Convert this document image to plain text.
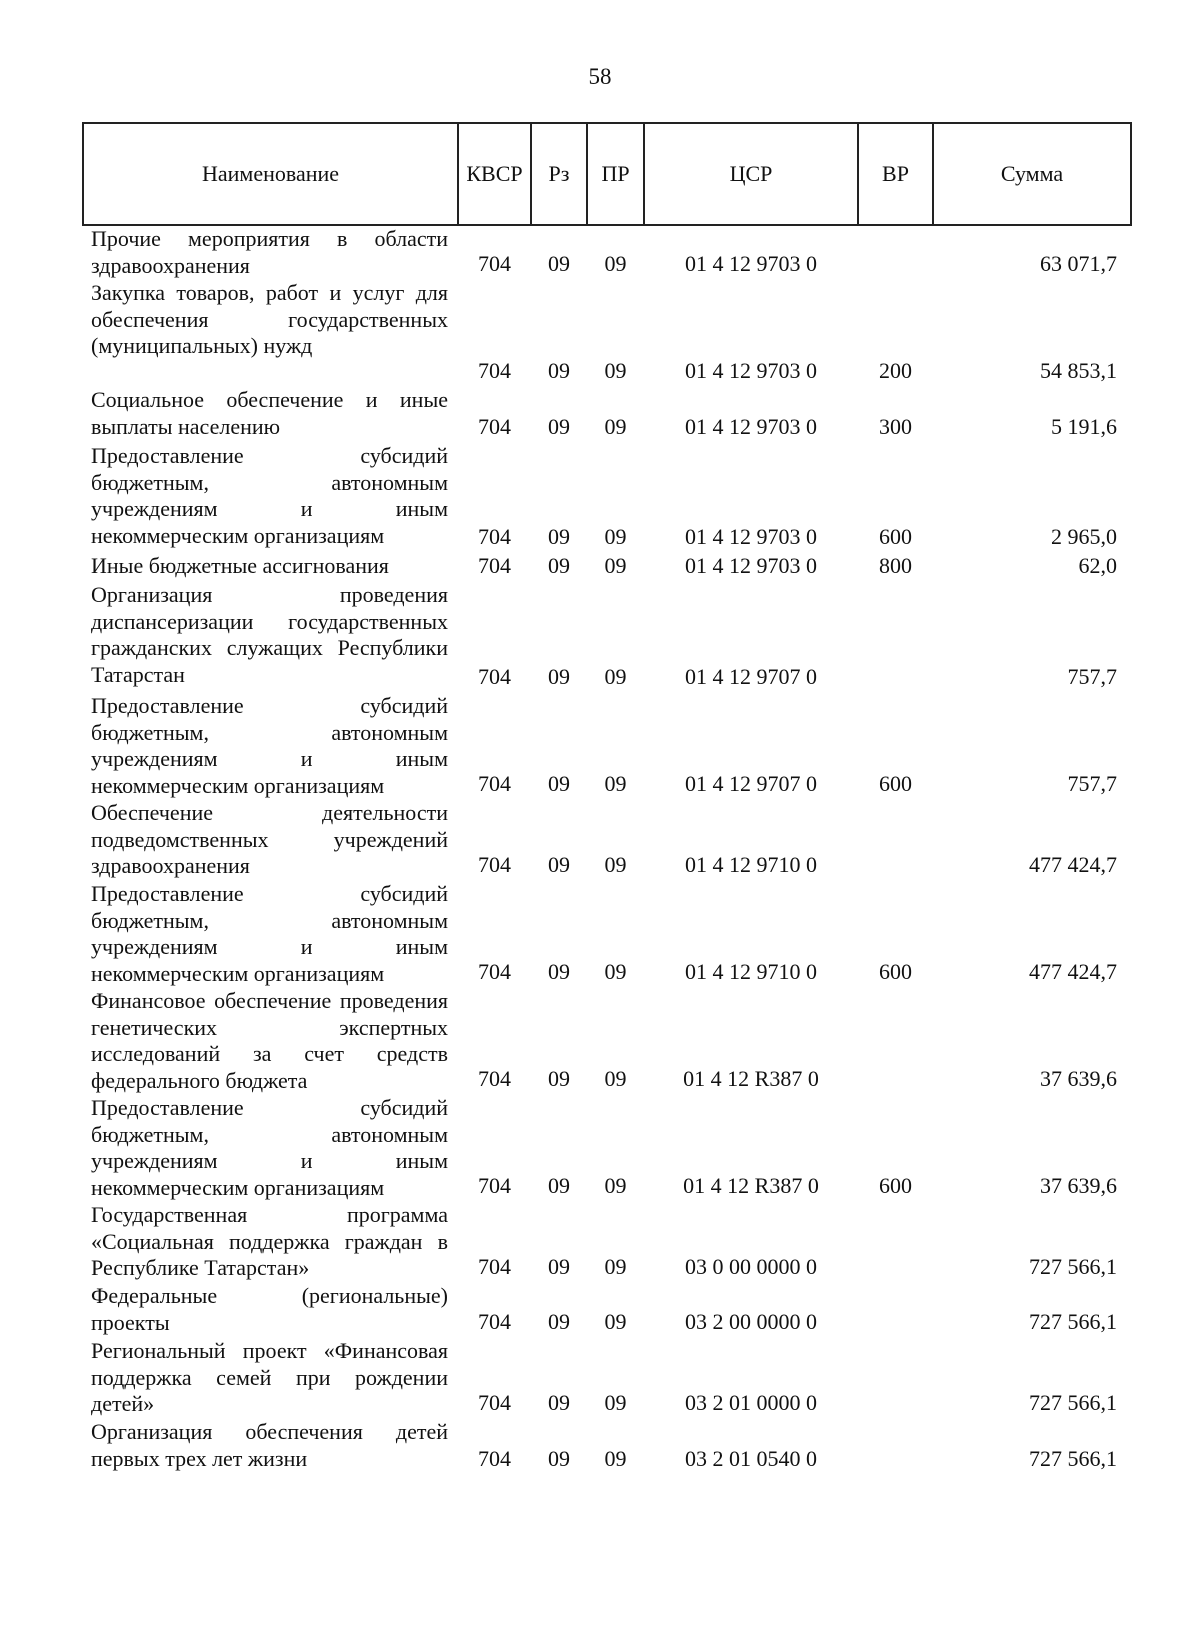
58
Наименование	КВСР	Рз	ПР	ЦСР	ВР	Сумма

Прочие мероприятия в области здравоохранения	704	09	09	01 4 12 9703 0		63 071,7

Закупка товаров, работ и услуг для обеспечения государственных (муниципальных) нужд	704	09	09	01 4 12 9703 0	200	54 853,1

Социальное обеспечение и иные выплаты населению	704	09	09	01 4 12 9703 0	300	5 191,6

Предоставление субсидий бюджетным, автономным учреждениям и иным некоммерческим организациям	704	09	09	01 4 12 9703 0	600	2 965,0

Иные бюджетные ассигнования	704	09	09	01 4 12 9703 0	800	62,0

Организация проведения диспансеризации государственных гражданских служащих Республики Татарстан	704	09	09	01 4 12 9707 0		757,7

Предоставление субсидий бюджетным, автономным учреждениям и иным некоммерческим организациям	704	09	09	01 4 12 9707 0	600	757,7

Обеспечение деятельности подведомственных учреждений здравоохранения	704	09	09	01 4 12 9710 0		477 424,7

Предоставление субсидий бюджетным, автономным учреждениям и иным некоммерческим организациям	704	09	09	01 4 12 9710 0	600	477 424,7

Финансовое обеспечение проведения генетических экспертных исследований за счет средств федерального бюджета	704	09	09	01 4 12 R387 0		37 639,6

Предоставление субсидий бюджетным, автономным учреждениям и иным некоммерческим организациям	704	09	09	01 4 12 R387 0	600	37 639,6

Государственная программа «Социальная поддержка граждан в Республике Татарстан»	704	09	09	03 0 00 0000 0		727 566,1

Федеральные (региональные) проекты	704	09	09	03 2 00 0000 0		727 566,1

Региональный проект «Финансовая поддержка семей при рождении детей»	704	09	09	03 2 01 0000 0		727 566,1

Организация обеспечения детей первых трех лет жизни	704	09	09	03 2 01 0540 0		727 566,1
